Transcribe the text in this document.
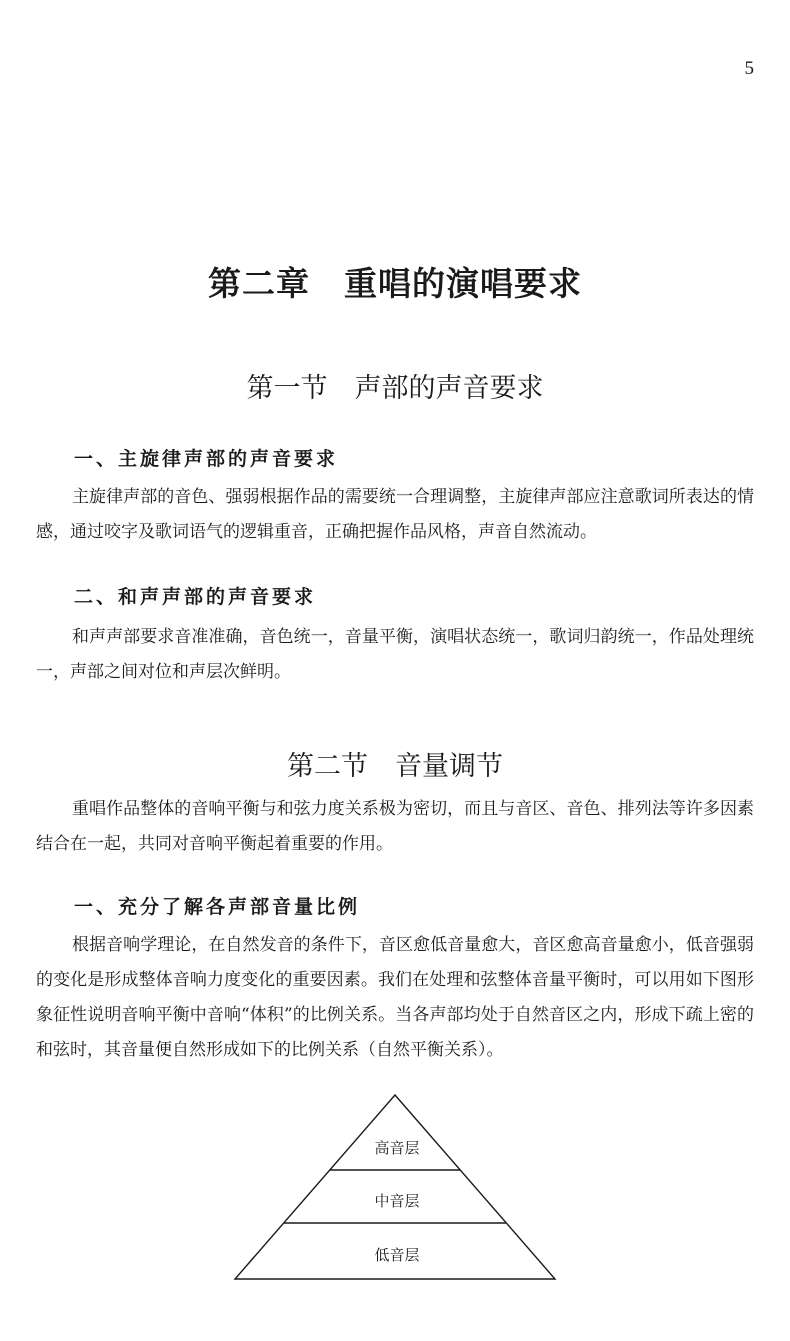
5
第二章　重唱的演唱要求
第一节　声部的声音要求
一、主旋律声部的声音要求

主旋律声部的音色、强弱根据作品的需要统一合理调整，主旋律声部应注意歌词所表达的情感，通过咬字及歌词语气的逻辑重音，正确把握作品风格，声音自然流动。

二、和声声部的声音要求

和声声部要求音准准确，音色统一，音量平衡，演唱状态统一，歌词归韵统一，作品处理统一，声部之间对位和声层次鲜明。

第二节　音量调节

重唱作品整体的音响平衡与和弦力度关系极为密切，而且与音区、音色、排列法等许多因素结合在一起，共同对音响平衡起着重要的作用。

一、充分了解各声部音量比例

根据音响学理论，在自然发音的条件下，音区愈低音量愈大，音区愈高音量愈小，低音强弱的变化是形成整体音响力度变化的重要因素。我们在处理和弦整体音量平衡时，可以用如下图形象征性说明音响平衡中音响“体积”的比例关系。当各声部均处于自然音区之内，形成下疏上密的和弦时，其音量便自然形成如下的比例关系（自然平衡关系）。

高音层
中音层
低音层
